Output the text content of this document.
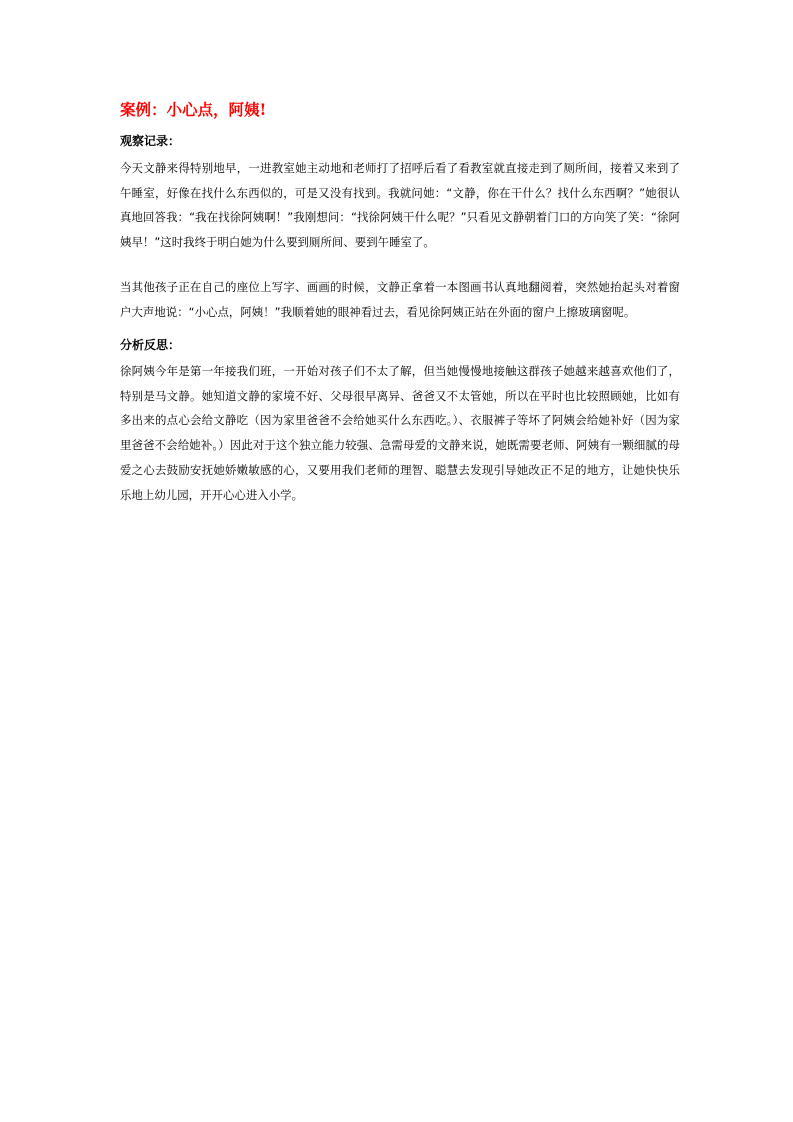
案例：小心点，阿姨!
观察记录：

今天文静来得特别地早，一进教室她主动地和老师打了招呼后看了看教室就直接走到了厕所间，接着又来到了午睡室，好像在找什么东西似的，可是又没有找到。我就问她：“文静，你在干什么？找什么东西啊？”她很认真地回答我：“我在找徐阿姨啊！”我刚想问：“找徐阿姨干什么呢？”只看见文静朝着门口的方向笑了笑：“徐阿姨早！”这时我终于明白她为什么要到厕所间、要到午睡室了。

当其他孩子正在自己的座位上写字、画画的时候，文静正拿着一本图画书认真地翻阅着，突然她抬起头对着窗户大声地说：“小心点，阿姨！”我顺着她的眼神看过去，看见徐阿姨正站在外面的窗户上擦玻璃窗呢。

分析反思：

徐阿姨今年是第一年接我们班，一开始对孩子们不太了解，但当她慢慢地接触这群孩子她越来越喜欢他们了，特别是马文静。她知道文静的家境不好、父母很早离异、爸爸又不太管她，所以在平时也比较照顾她，比如有多出来的点心会给文静吃（因为家里爸爸不会给她买什么东西吃。）、衣服裤子等坏了阿姨会给她补好（因为家里爸爸不会给她补。）因此对于这个独立能力较强、急需母爱的文静来说，她既需要老师、阿姨有一颗细腻的母爱之心去鼓励安抚她娇嫩敏感的心，又要用我们老师的理智、聪慧去发现引导她改正不足的地方，让她快快乐乐地上幼儿园，开开心心进入小学。
